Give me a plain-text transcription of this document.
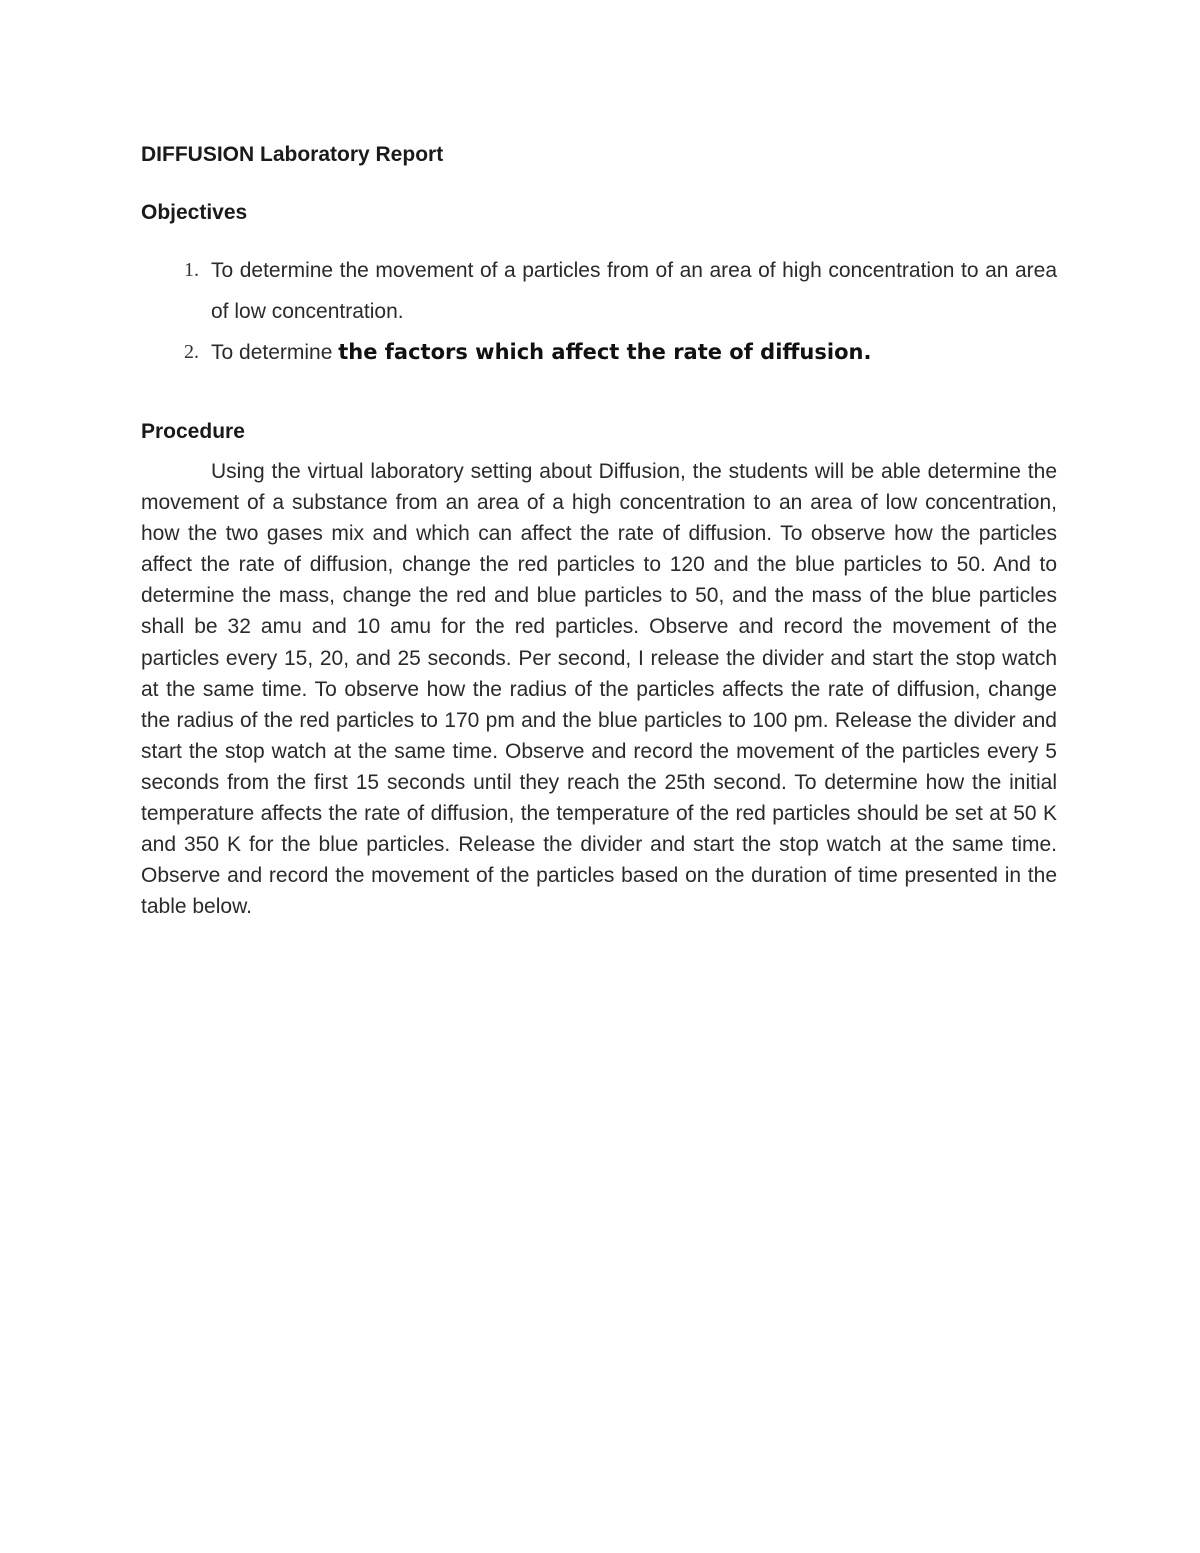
DIFFUSION Laboratory Report
Objectives
1. To determine the movement of a particles from of an area of high concentration to an area of low concentration.
2. To determine the factors which affect the rate of diffusion.
Procedure

Using the virtual laboratory setting about Diffusion, the students will be able determine the movement of a substance from an area of a high concentration to an area of low concentration, how the two gases mix and which can affect the rate of diffusion. To observe how the particles affect the rate of diffusion, change the red particles to 120 and the blue particles to 50. And to determine the mass, change the red and blue particles to 50, and the mass of the blue particles shall be 32 amu and 10 amu for the red particles. Observe and record the movement of the particles every 15, 20, and 25 seconds. Per second, I release the divider and start the stop watch at the same time. To observe how the radius of the particles affects the rate of diffusion, change the radius of the red particles to 170 pm and the blue particles to 100 pm. Release the divider and start the stop watch at the same time. Observe and record the movement of the particles every 5 seconds from the first 15 seconds until they reach the 25th second. To determine how the initial temperature affects the rate of diffusion, the temperature of the red particles should be set at 50 K and 350 K for the blue particles. Release the divider and start the stop watch at the same time. Observe and record the movement of the particles based on the duration of time presented in the table below.
